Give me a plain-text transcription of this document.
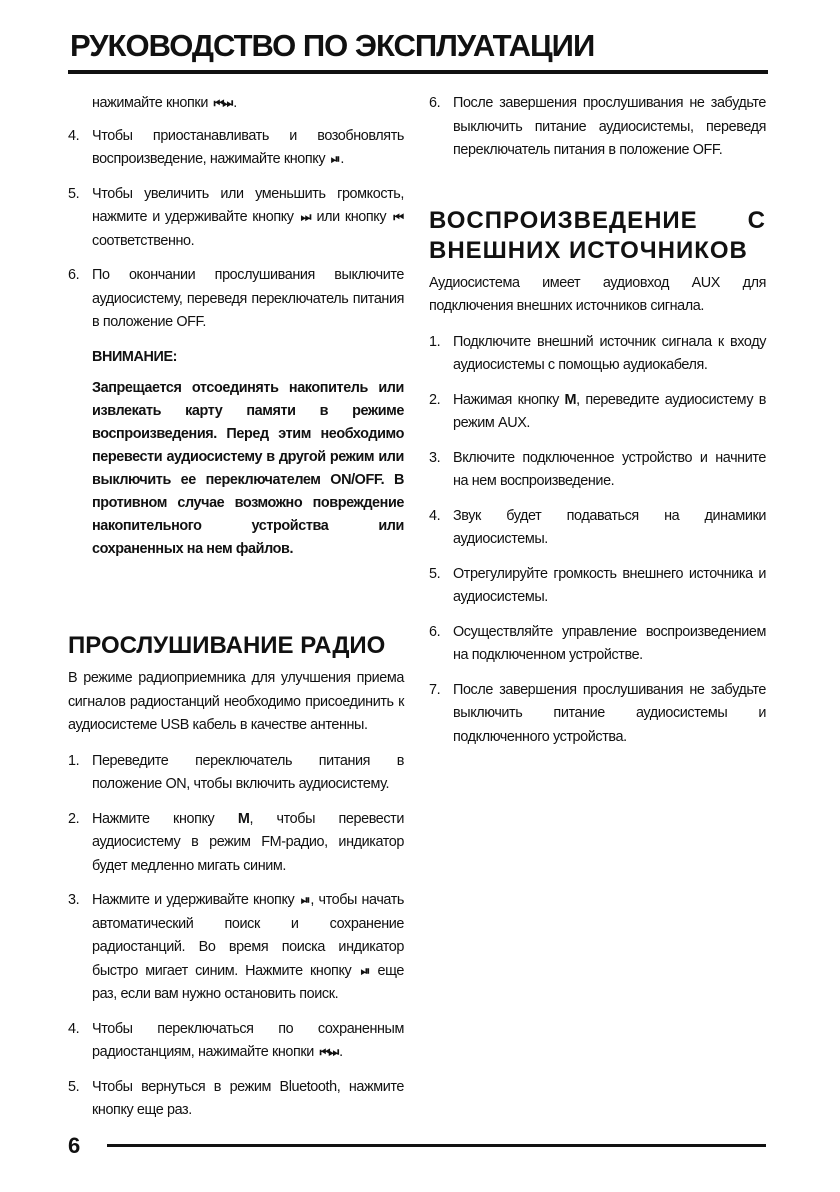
РУКОВОДСТВО ПО ЭКСПЛУАТАЦИИ
нажимайте кнопки ⏮⏭ .
4. Чтобы приостанавливать и возобновлять воспроизведение, нажимайте кнопку ⏯ .
5. Чтобы увеличить или уменьшить громкость, нажмите и удерживайте кнопку ⏭ или кнопку ⏮ соответственно.
6. По окончании прослушивания выключите аудиосистему, переведя переключатель питания в положение OFF.
ВНИМАНИЕ:
Запрещается отсоединять накопитель или извлекать карту памяти в режиме воспроизведения. Перед этим необходимо перевести аудиосистему в другой режим или выключить ее переключателем ON/OFF. В противном случае возможно повреждение накопительного устройства или сохраненных на нем файлов.
ПРОСЛУШИВАНИЕ РАДИО
В режиме радиоприемника для улучшения приема сигналов радиостанций необходимо присоединить к аудиосистеме USB кабель в качестве антенны.
1. Переведите переключатель питания в положение ON, чтобы включить аудиосистему.
2. Нажмите кнопку M, чтобы перевести аудиосистему в режим FM-радио, индикатор будет медленно мигать синим.
3. Нажмите и удерживайте кнопку ⏯ , чтобы начать автоматический поиск и сохранение радиостанций. Во время поиска индикатор быстро мигает синим. Нажмите кнопку ⏯ еще раз, если вам нужно остановить поиск.
4. Чтобы переключаться по сохраненным радиостанциям, нажимайте кнопки ⏮⏭ .
5. Чтобы вернуться в режим Bluetooth, нажмите кнопку еще раз.
6. После завершения прослушивания не забудьте выключить питание аудиосистемы, переведя переключатель питания в положение OFF.
ВОСПРОИЗВЕДЕНИЕ С ВНЕШНИХ ИСТОЧНИКОВ
Аудиосистема имеет аудиовход AUX для подключения внешних источников сигнала.
1. Подключите внешний источник сигнала к входу аудиосистемы с помощью аудиокабеля.
2. Нажимая кнопку M, переведите аудиосистему в режим AUX.
3. Включите подключенное устройство и начните на нем воспроизведение.
4. Звук будет подаваться на динамики аудиосистемы.
5. Отрегулируйте громкость внешнего источника и аудиосистемы.
6. Осуществляйте управление воспроизведением на подключенном устройстве.
7. После завершения прослушивания не забудьте выключить питание аудиосистемы и подключенного устройства.
6
